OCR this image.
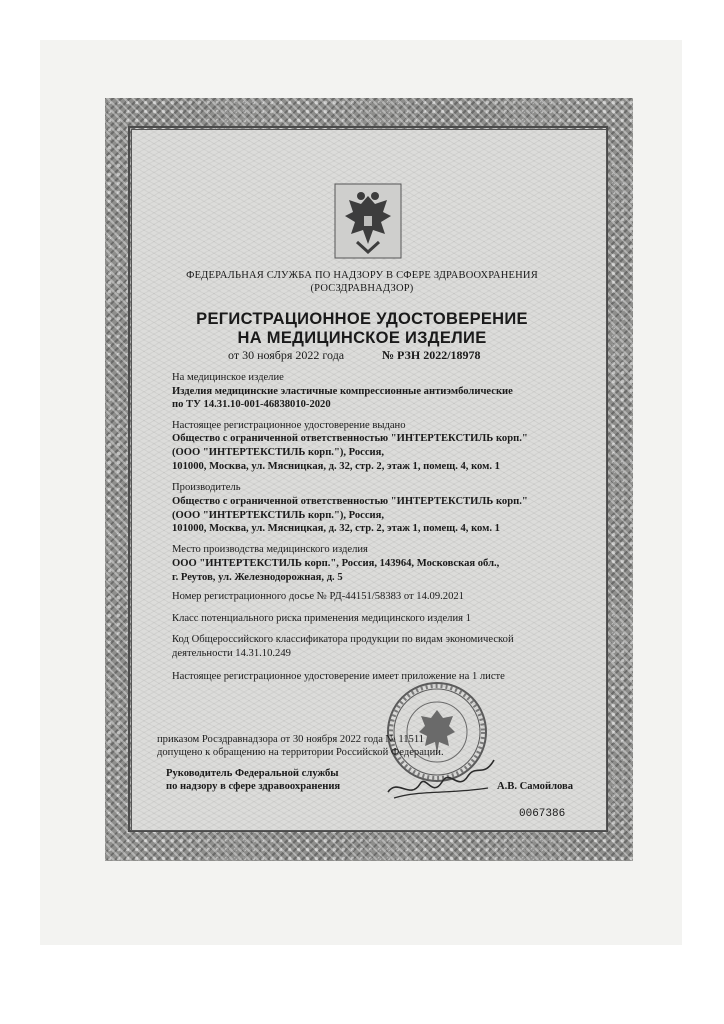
ФЕДЕРАЛЬНАЯ СЛУЖБА ПО НАДЗОРУ В СФЕРЕ ЗДРАВООХРАНЕНИЯ
(РОСЗДРАВНАДЗОР)
РЕГИСТРАЦИОННОЕ УДОСТОВЕРЕНИЕ
НА МЕДИЦИНСКОЕ ИЗДЕЛИЕ
от 30 ноября 2022 года	№ РЗН 2022/18978
На медицинское изделие
Изделия медицинские эластичные компрессионные антиэмболические
по ТУ 14.31.10-001-46838010-2020
Настоящее регистрационное удостоверение выдано
Общество с ограниченной ответственностью "ИНТЕРТЕКСТИЛЬ корп."
(ООО "ИНТЕРТЕКСТИЛЬ корп."), Россия,
101000, Москва, ул. Мясницкая, д. 32, стр. 2, этаж 1, помещ. 4, ком. 1
Производитель
Общество с ограниченной ответственностью "ИНТЕРТЕКСТИЛЬ корп."
(ООО "ИНТЕРТЕКСТИЛЬ корп."), Россия,
101000, Москва, ул. Мясницкая, д. 32, стр. 2, этаж 1, помещ. 4, ком. 1
Место производства медицинского изделия
ООО "ИНТЕРТЕКСТИЛЬ корп.", Россия, 143964, Московская обл.,
г. Реутов, ул. Железнодорожная, д. 5
Номер регистрационного досье № РД-44151/58383 от 14.09.2021
Класс потенциального риска применения медицинского изделия 1
Код Общероссийского классификатора продукции по видам экономической
деятельности 14.31.10.249
Настоящее регистрационное удостоверение имеет приложение на 1 листе
приказом Росздравнадзора от 30 ноября 2022 года № 11511
допущено к обращению на территории Российской Федерации.
Руководитель Федеральной службы
по надзору в сфере здравоохранения	А.В. Самойлова
0067386
